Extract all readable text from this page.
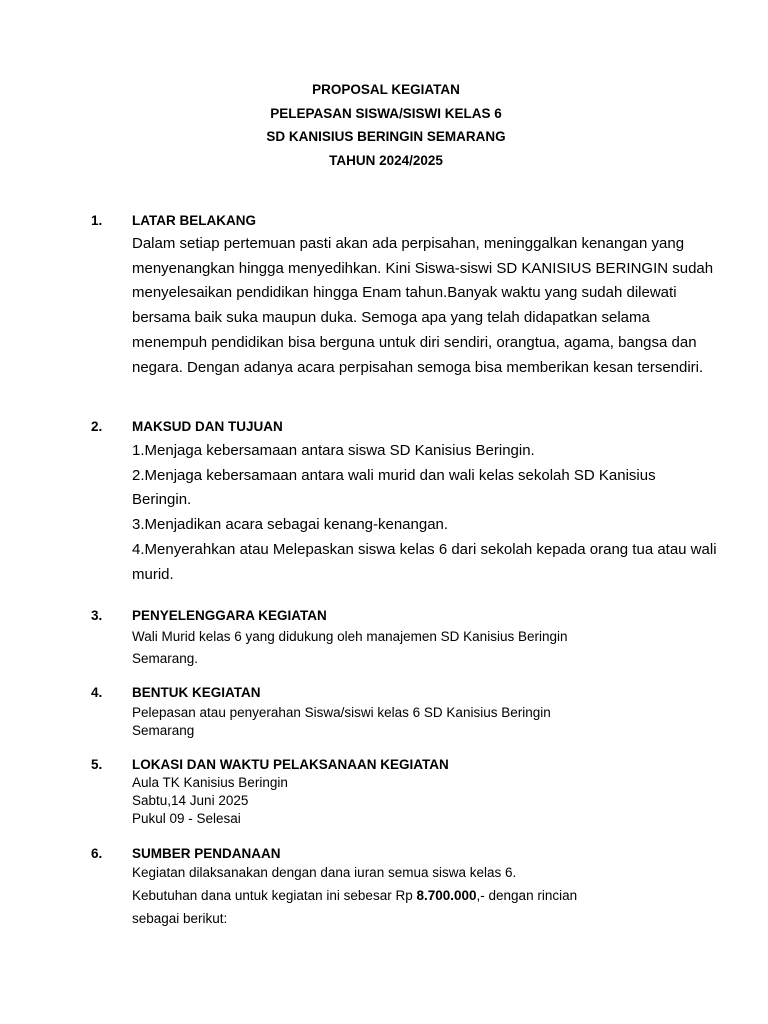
PROPOSAL KEGIATAN
PELEPASAN SISWA/SISWI KELAS 6
SD KANISIUS BERINGIN SEMARANG
TAHUN 2024/2025
1. LATAR BELAKANG
Dalam setiap pertemuan pasti akan ada perpisahan, meninggalkan kenangan yang menyenangkan hingga menyedihkan. Kini Siswa-siswi SD KANISIUS BERINGIN sudah menyelesaikan pendidikan hingga Enam tahun.Banyak waktu yang sudah dilewati bersama baik suka maupun duka. Semoga apa yang telah didapatkan selama menempuh pendidikan bisa berguna untuk diri sendiri, orangtua, agama, bangsa dan negara. Dengan adanya acara perpisahan semoga bisa memberikan kesan tersendiri.
2. MAKSUD DAN TUJUAN
1.Menjaga kebersamaan antara siswa SD Kanisius Beringin.
2.Menjaga kebersamaan antara wali murid dan wali kelas sekolah SD Kanisius Beringin.
3.Menjadikan acara sebagai kenang-kenangan.
4.Menyerahkan atau Melepaskan siswa kelas 6 dari sekolah kepada orang tua atau wali murid.
3. PENYELENGGARA KEGIATAN
Wali Murid kelas 6 yang didukung oleh manajemen SD Kanisius Beringin
Semarang.
4. BENTUK KEGIATAN
Pelepasan atau penyerahan Siswa/siswi kelas 6 SD Kanisius Beringin
Semarang
5. LOKASI DAN WAKTU PELAKSANAAN KEGIATAN
Aula TK Kanisius Beringin
Sabtu,14 Juni 2025
Pukul 09 - Selesai
6. SUMBER PENDANAAN
Kegiatan dilaksanakan dengan dana iuran semua siswa kelas 6.
Kebutuhan dana untuk kegiatan ini sebesar Rp 8.700.000,- dengan rincian
sebagai berikut:
